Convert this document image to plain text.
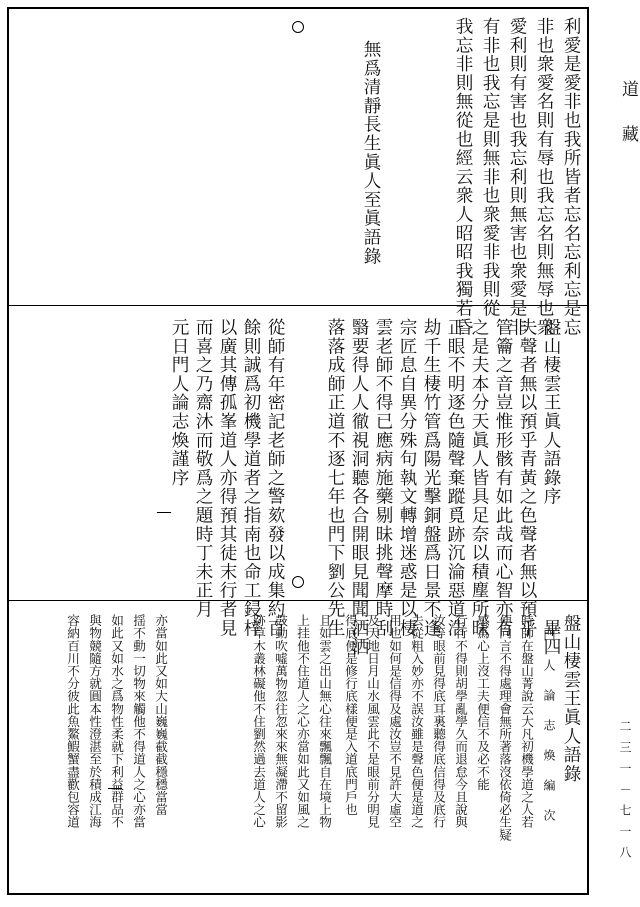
道藏
二三一－七一八
利愛是愛非也我所皆者忘名忘利忘是忘
非也衆愛名則有辱也我忘名則無辱也衆
愛利則有害也我忘利則無害也衆愛是非
有非也我忘是則無非也衆愛非我則從
我忘非則無從也經云衆人昭昭我獨若昏
無爲清靜長生眞人至眞語錄
盤山棲雲王眞人語錄序　　　　　　畢四
夫聲者無以預乎青黃之色聲者無以預乎
管籥之音豈惟形骸有如此哉而心智亦有
之是夫本分天眞人皆具足奈以積塵所昧
正眼不明逐色隨聲棄蹤覓跡沉淪惡道浩
劫千生棲竹管爲陽光擊銅盤爲日景不逢
宗匠息自異分殊句執文轉增迷惑是以棲
雲老師不得已應病施藥剔昧挑聲摩時刮
翳要得人人徹視洞聽各合開眼見聞聞洒洒
落落成師正道不逐七年也門下劉公先生
從師有年密記老師之警欬發以成集約百
餘則誠爲初機學道者之指南也命工鋟梓
以廣其傳孤峯道人亦得預其徒末行者見
而喜之乃齋沐而敬爲之題時丁未正月
元日門人論志煥謹序
盤山棲雲王眞人語錄
　門　人　論　志　煥　編　次
時師在盤山菁說云大凡初機學道之人若
便向言不得處理會無所著落沒依倚必生疑
感爲心上沒工夫便信不及必不能
行行不得則胡學亂學久而退怠今且說與
汝等眼前見得底耳裏聽得底信得及底行
去從粗入妙亦不誤汝雖是聲色便是道之
用也如何是信得及處汝豈不見許大虛空
及天地日月山水風雲此不是眼前分明見
得底便是修行底樣便是入道底門戶也
且如雲之出山無心往來飄飄自在境上物
上挂他不住道人之心亦當如此又如風之
鼓動吹噓萬物忽往忽來來無凝滯不留影
跡草木叢林礙他不住劉然過去道人之心
亦當如此又如大山巍巍截截穩穩當當
揺不動一切物來觸他不得道人之心亦當
如此又如水之爲物性柔就下利益群品不
與物競隨方就圓本性澄湛至於積成江海
容納百川不分彼此魚鰲鰕蟹盡歡包容道
